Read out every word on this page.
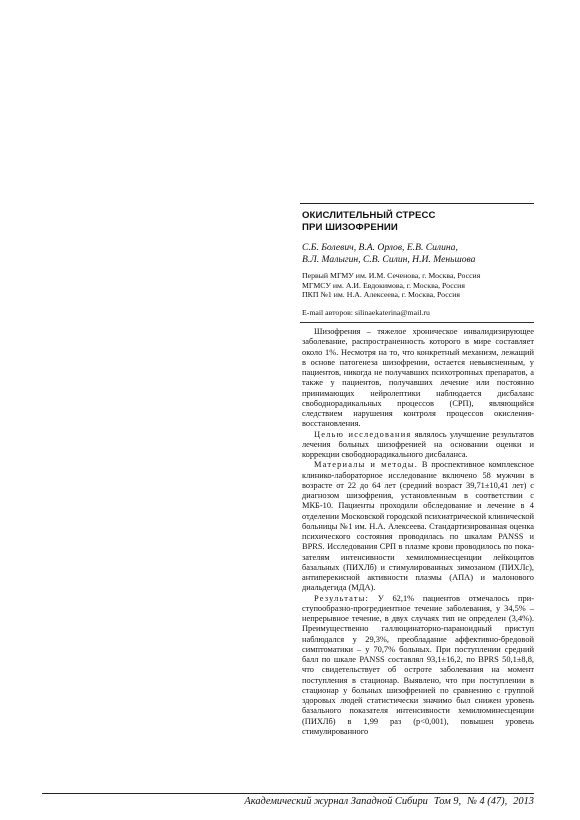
ОКИСЛИТЕЛЬНЫЙ СТРЕСС
ПРИ ШИЗОФРЕНИИ
С.Б. Болевич, В.А. Орлов, Е.В. Силина,
В.Л. Малыгин, С.В. Силин, Н.И. Меньшова
Первый МГМУ им. И.М. Сеченова, г. Москва, Россия
МГМСУ им. А.И. Евдокимова, г. Москва, Россия
ПКП №1 им. Н.А. Алексеева, г. Москва, Россия
E-mail авторов: silinaekaterina@mail.ru

Шизофрения – тяжелое хроническое инвалидизирующее заболевание, распространенность которого в мире составляет около 1%. Несмотря на то, что конкретный механизм, лежащий в основе патогенеза шизофрении, остается невыясненным, у пациентов, никогда не получавших психотропных препаратов, а также у пациентов, получавших лечение или постоянно принимающих нейролептики наблюдается дисбаланс свободнорадикальных процессов (СРП), являющийся следствием нарушения контроля процессов окисления-восстановления.

Целью исследования являлось улучшение результатов лечения больных шизофренией на основании оценки и коррекции свободнорадикального дисбаланса.

Материалы и методы. В проспективное комплексное клинико-лабораторное исследование включено 58 мужчин в возрасте от 22 до 64 лет (средний возраст 39,71±10,41 лет) с диагнозом шизофрения, установленным в соответствии с МКБ-10. Пациенты проходили обследование и лечение в 4 отделении Московской городской психиатрической клинической больницы №1 им. Н.А. Алексеева. Стандартизированная оценка психического состояния проводилась по шкалам PANSS и BPRS. Исследования СРП в плазме крови проводилось по показателям интенсивности хемилюминесценции лейкоцитов базальных (ПИХЛб) и стимулированных зимозаном (ПИХЛс), антиперекисной активности плазмы (АПА) и малонового диальдегида (МДА).

Результаты: У 62,1% пациентов отмечалось приступообразно-прогредиентное течение заболевания, у 34,5% – непрерывное течение, в двух случаях тип не определен (3,4%). Преимущественно галлюцинаторно-параноидный приступ наблюдался у 29,3%, преобладание аффективно-бредовой симптоматики – у 70,7% больных. При поступлении средний балл по шкале PANSS составлял 93,1±16,2, по BPRS 50,1±8,8, что свидетельствует об остроте заболевания на момент поступления в стационар. Выявлено, что при поступлении в стационар у больных шизофренией по сравнению с группой здоровых людей статистически значимо был снижен уровень базального показателя интенсивности хемилюминесценции (ПИХЛб) в 1,99 раз (p<0,001), повышен уровень стимулированного

Академический журнал Западной Сибири Том 9, № 4 (47), 2013
